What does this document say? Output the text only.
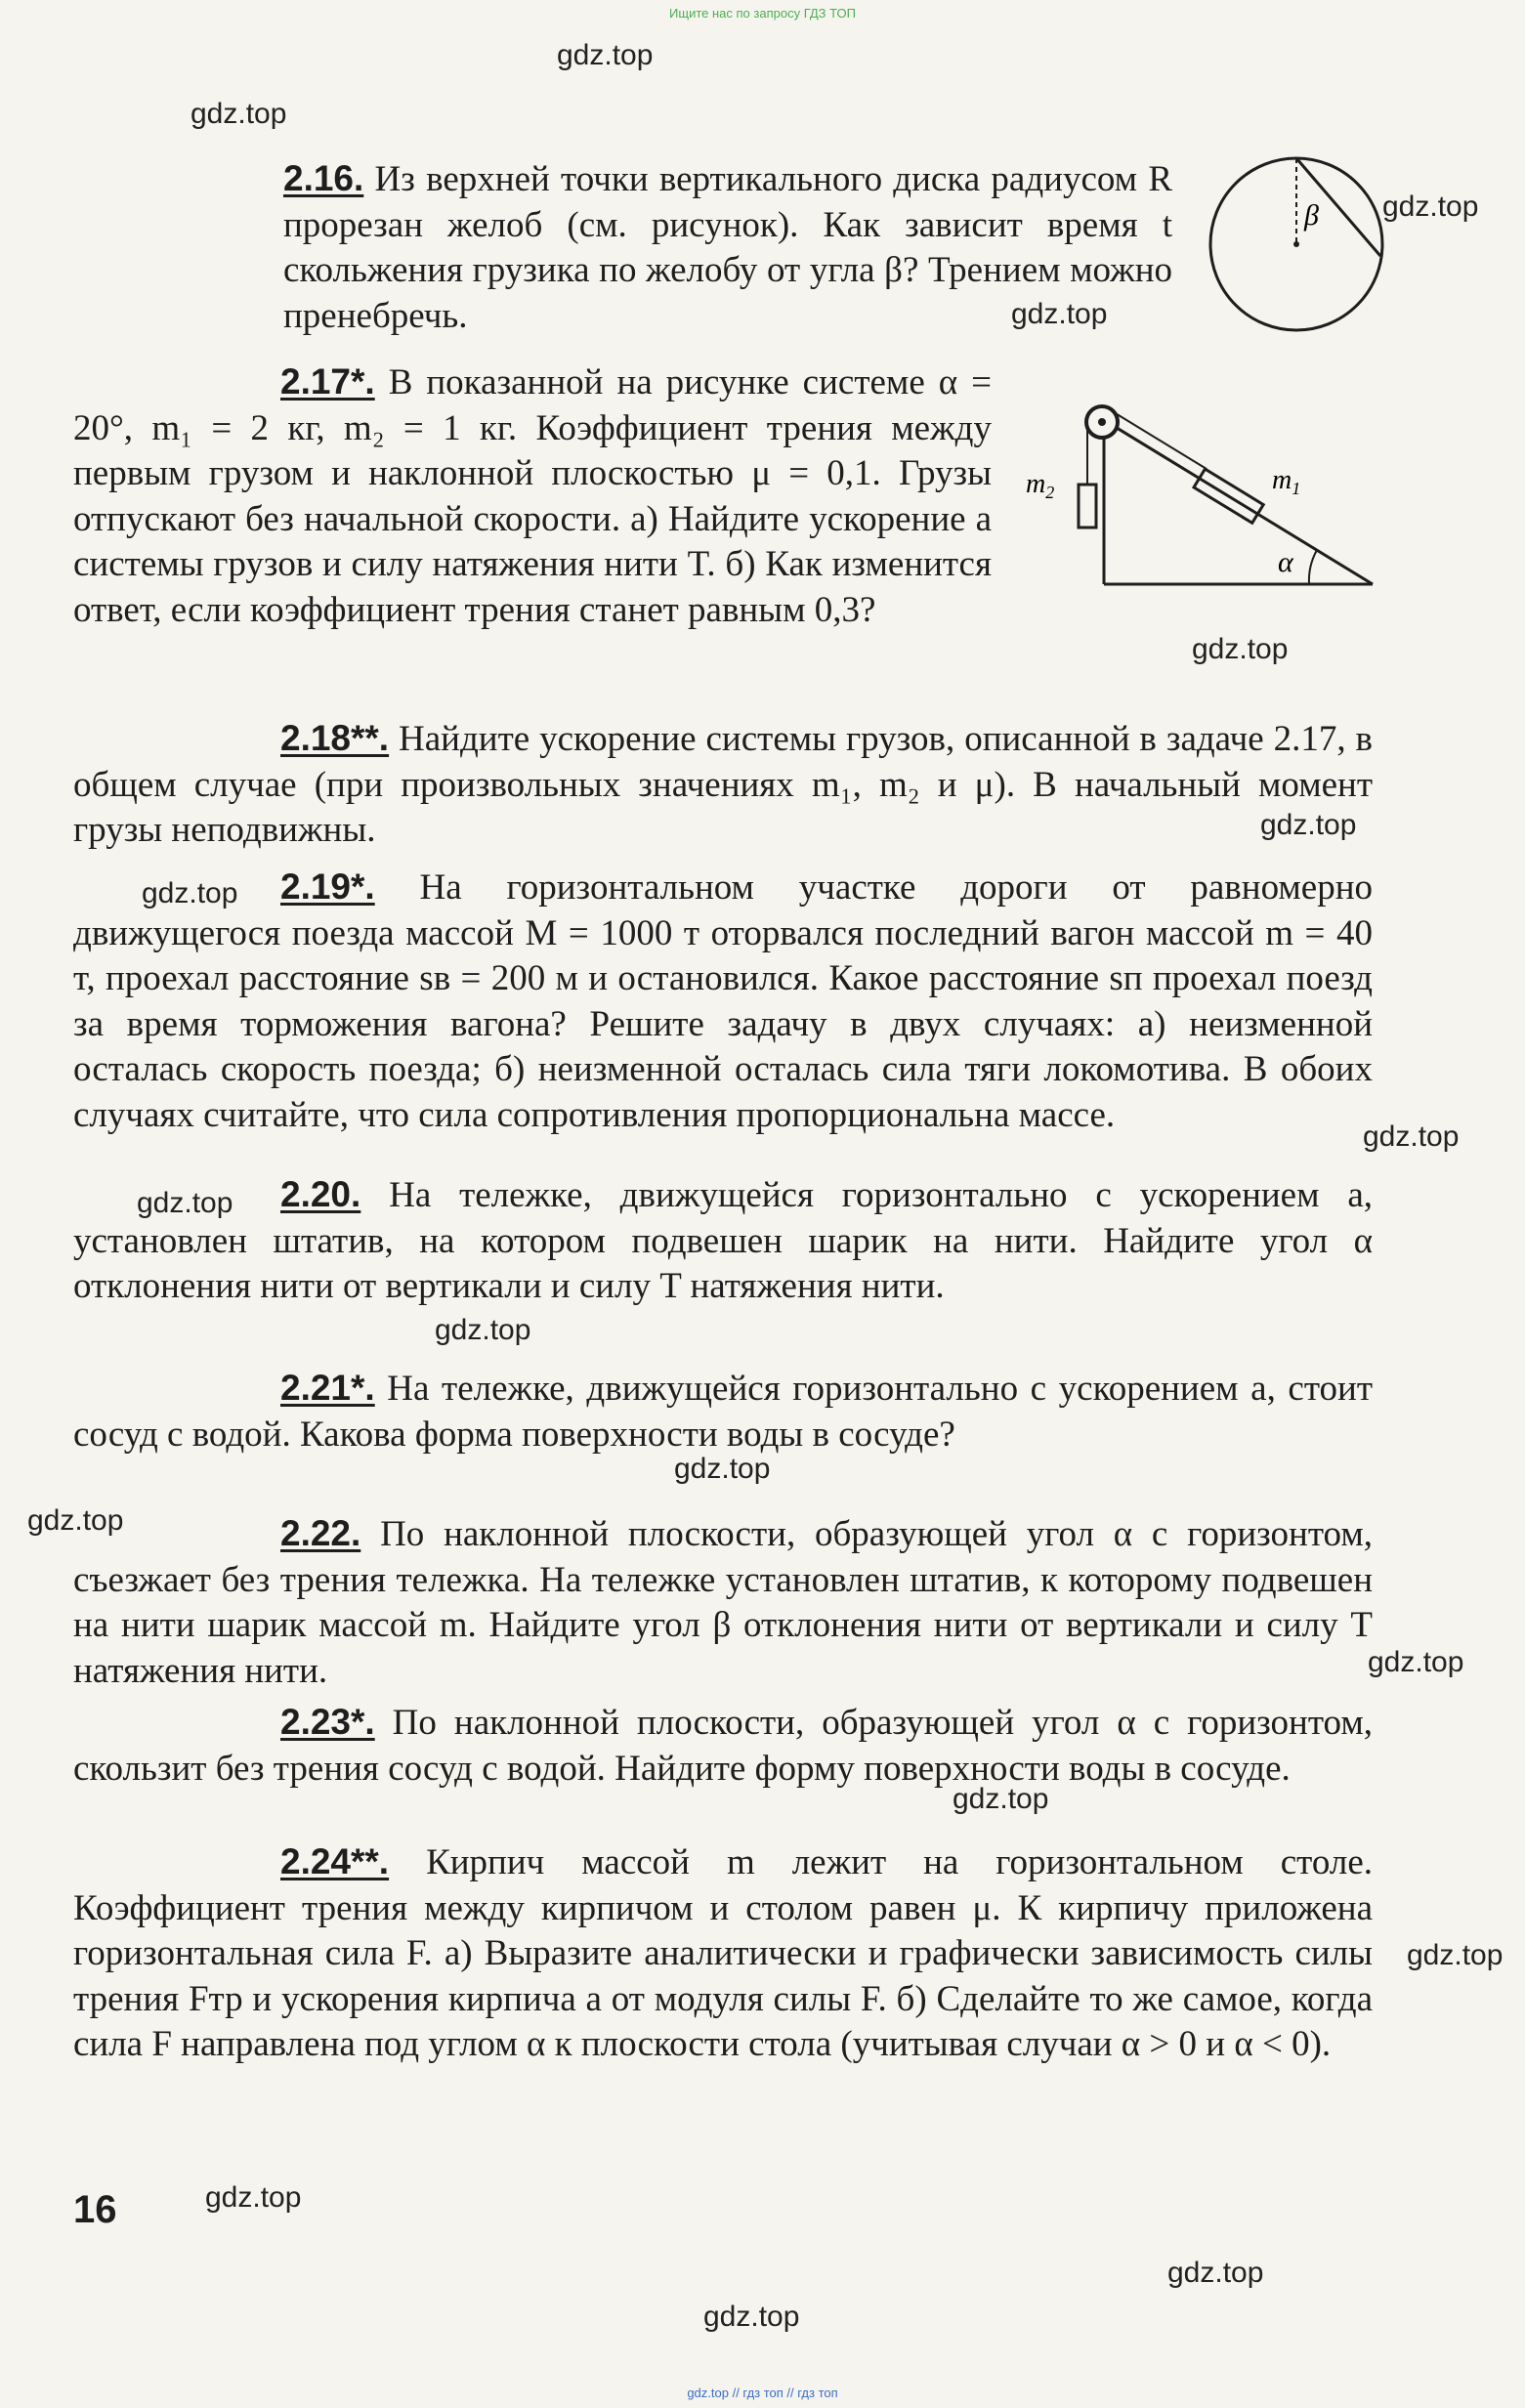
Ищите нас по запросу ГДЗ ТОП
2.16. Из верхней точки вертикального диска радиусом R прорезан желоб (см. рисунок). Как зависит время t скольжения грузика по желобу от угла β? Трением можно пренебречь.
β
2.17*. В показанной на рисунке системе α = 20°, m₁ = 2 кг, m₂ = 1 кг. Коэффициент трения между первым грузом и наклонной плоскостью μ = 0,1. Грузы отпускают без начальной скорости. а) Найдите ускорение a системы грузов и силу натяжения нити T. б) Как изменится ответ, если коэффициент трения станет равным 0,3?
$m_2$	$m_1$
α
2.18**. Найдите ускорение системы грузов, описанной в задаче 2.17, в общем случае (при произвольных значениях m₁, m₂ и μ). В начальный момент грузы неподвижны.
2.19*. На горизонтальном участке дороги от равномерно движущегося поезда массой M = 1000 т оторвался последний вагон массой m = 40 т, проехал расстояние sв = 200 м и остановился. Какое расстояние sп проехал поезд за время торможения вагона? Решите задачу в двух случаях: а) неизменной осталась скорость поезда; б) неизменной осталась сила тяги локомотива. В обоих случаях считайте, что сила сопротивления пропорциональна массе.
2.20. На тележке, движущейся горизонтально с ускорением a, установлен штатив, на котором подвешен шарик на нити. Найдите угол α отклонения нити от вертикали и силу T натяжения нити.
2.21*. На тележке, движущейся горизонтально с ускорением a, стоит сосуд с водой. Какова форма поверхности воды в сосуде?
2.22. По наклонной плоскости, образующей угол α с горизонтом, съезжает без трения тележка. На тележке установлен штатив, к которому подвешен на нити шарик массой m. Найдите угол β отклонения нити от вертикали и силу T натяжения нити.
2.23*. По наклонной плоскости, образующей угол α с горизонтом, скользит без трения сосуд с водой. Найдите форму поверхности воды в сосуде.
2.24**. Кирпич массой m лежит на горизонтальном столе. Коэффициент трения между кирпичом и столом равен μ. К кирпичу приложена горизонтальная сила F. а) Выразите аналитически и графически зависимость силы трения Fтр и ускорения кирпича a от модуля силы F. б) Сделайте то же самое, когда сила F направлена под углом α к плоскости стола (учитывая случаи α > 0 и α < 0).
16
gdz.top
gdz.top
gdz.top
gdz.top
gdz.top
gdz.top
gdz.top
gdz.top
gdz.top
gdz.top
gdz.top
gdz.top
gdz.top
gdz.top
gdz.top
gdz.top
gdz.top
gdz.top
gdz.top // гдз топ // гдз топ
